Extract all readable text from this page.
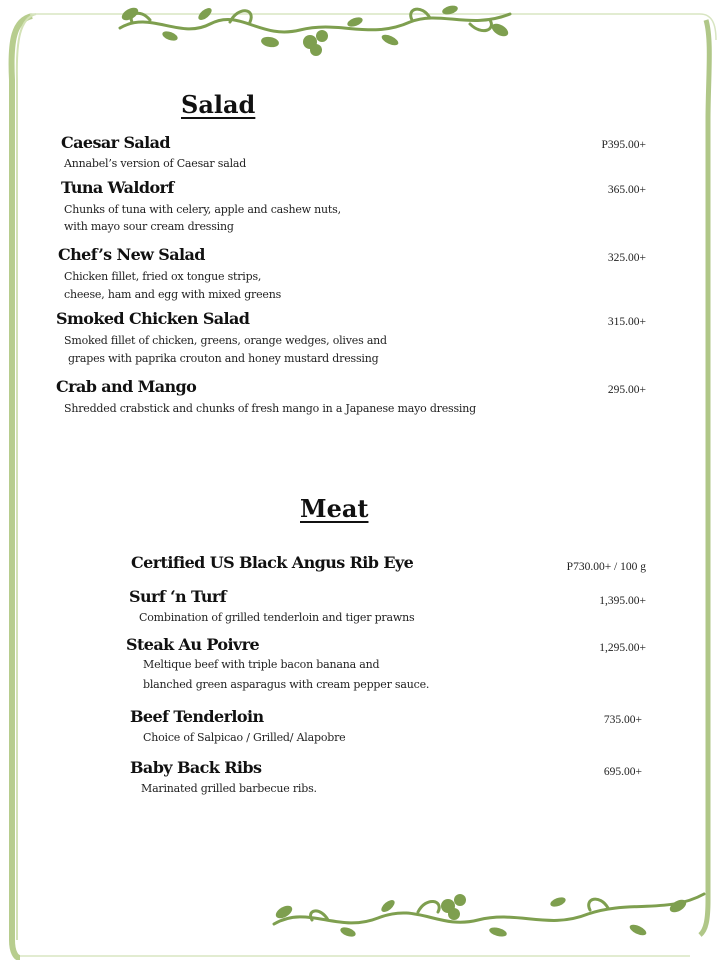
Salad
Caesar Salad	P395.00+
Annabel’s version of Caesar salad
Tuna Waldorf	365.00+
Chunks of tuna with celery, apple and cashew nuts,
with mayo sour cream dressing
Chef’s New Salad	325.00+
Chicken fillet, fried ox tongue strips,
cheese, ham and egg with mixed greens
Smoked Chicken Salad	315.00+
Smoked fillet of chicken, greens, orange wedges, olives and
grapes with paprika crouton and honey mustard dressing
Crab and Mango	295.00+
Shredded crabstick and chunks of fresh mango in a Japanese mayo dressing
Meat
Certified US Black Angus Rib Eye	P730.00+ / 100 g
Surf ‘n Turf	1,395.00+
Combination of grilled tenderloin and tiger prawns
Steak Au Poivre	1,295.00+
Meltique beef with triple bacon banana and
blanched green asparagus with cream pepper sauce.
Beef Tenderloin	735.00+
Choice of Salpicao / Grilled/ Alapobre
Baby Back Ribs	695.00+
Marinated grilled barbecue ribs.
